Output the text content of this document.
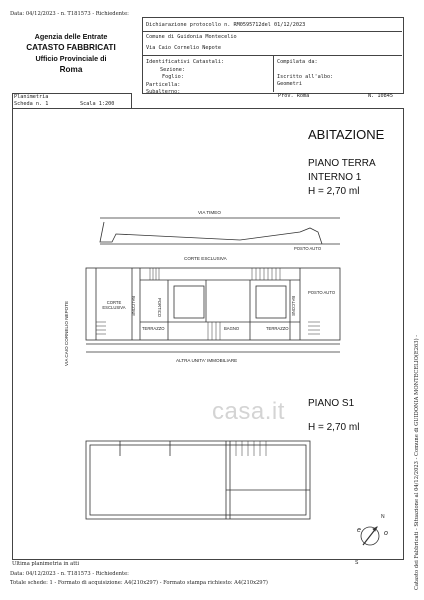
Data: 04/12/2023 - n. T181573 - Richiedente:
Agenzia delle Entrate
CATASTO FABBRICATI
Ufficio Provinciale di
Roma
Dichiarazione protocollo n. RM0595712del 01/12/2023
Comune di Guidonia Montecelio
Via Caio Cornelio Nepote
Identificativi Catastali:
Sezione:
Foglio:
Particella:
Subalterno:
Compilata da:
Iscritto all'albo:
Geometri
Prov. Roma	N. 10845
Planimetria
Scheda n. 1	Scala 1:200
ABITAZIONE
PIANO TERRA
INTERNO 1
H = 2,70 ml
PIANO S1
H = 2,70 ml
VIA TIMEO
CORTE ESCLUSIVA
POSTO AUTO
POSTO AUTO
CORTE ESCLUSIVA	BALCONE	PORTICO	BALCONE
TERRAZZO	BAGNO	TERRAZZO
ALTRA UNITA' IMMOBILIARE
VIA CAIO CORNELIO NEPOTE
N
e	o
S
casa.it	Catasto dei Fabbricati - Situazione al 04/12/2023 - Comune di GUIDONIA MONTECELIO(E263) -
Ultima planimetria in atti
Data: 04/12/2023 - n. T181573 - Richiedente:
Totale schede: 1 - Formato di acquisizione: A4(210x297) - Formato stampa richiesto: A4(210x297)
